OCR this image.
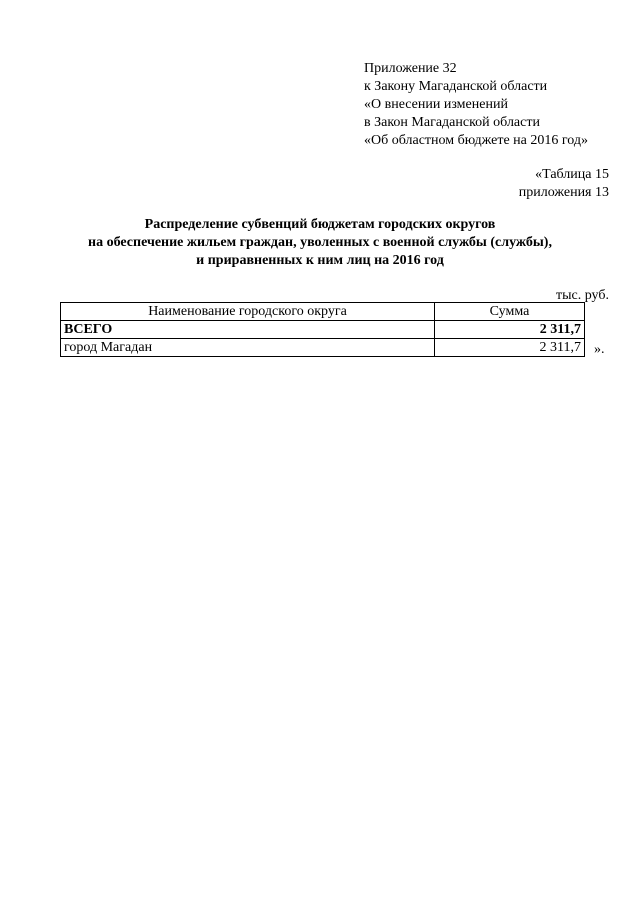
Приложение 32
к Закону Магаданской области
«О внесении изменений
в Закон Магаданской области
«Об областном бюджете на 2016 год»
«Таблица 15
приложения 13
Распределение субвенций бюджетам городских округов
на обеспечение жильем граждан, уволенных с военной службы (службы),
и приравненных к ним лиц на 2016 год
тыс. руб.
Наименование городского округа	Сумма
ВСЕГО	2 311,7
город Магадан	2 311,7 ».
